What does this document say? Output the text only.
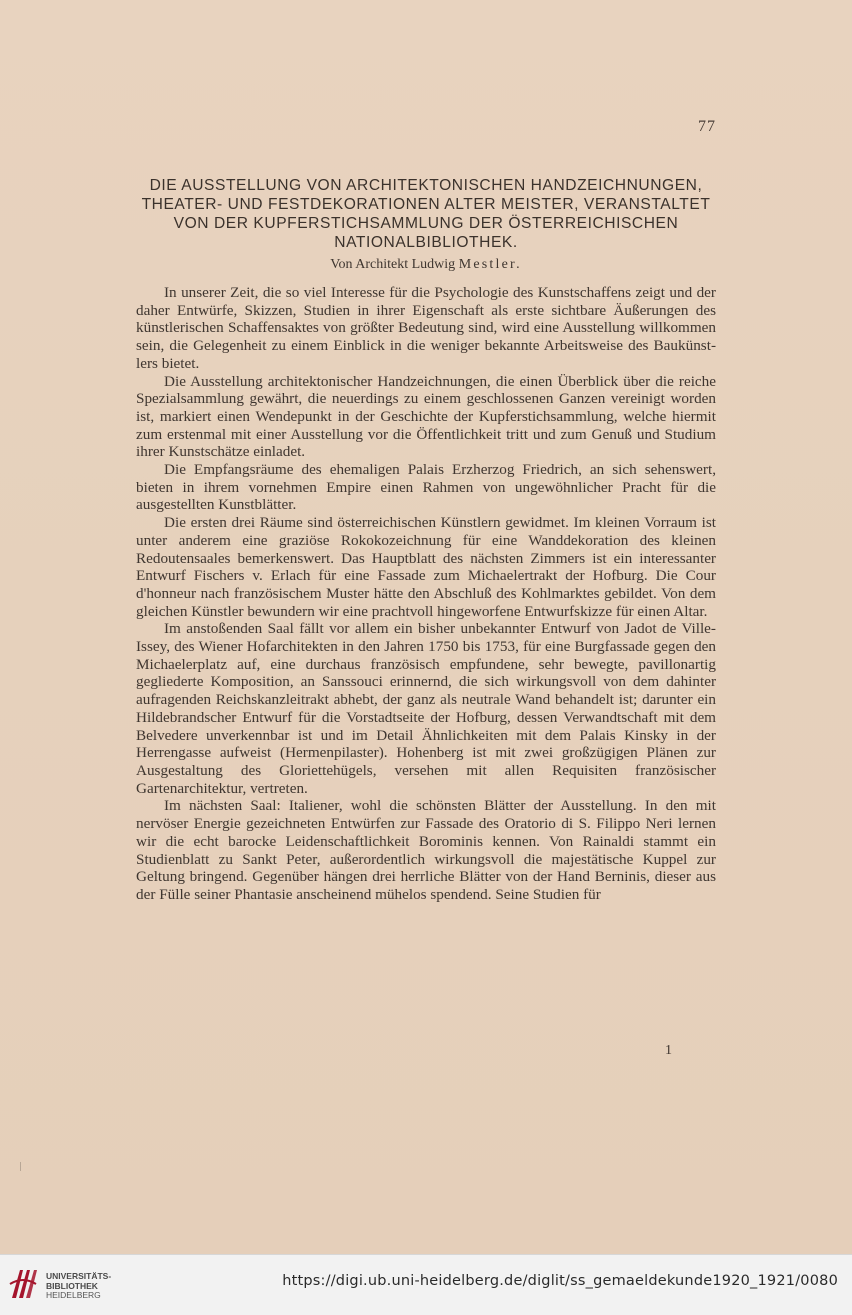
77
DIE AUSSTELLUNG VON ARCHITEKTONISCHEN HANDZEICHNUNGEN,
THEATER- UND FESTDEKORATIONEN ALTER MEISTER, VERANSTALTET
VON DER KUPFERSTICHSAMMLUNG DER ÖSTERREICHISCHEN
NATIONALBIBLIOTHEK.
Von Architekt Ludwig Mestler.

In unserer Zeit, die so viel Interesse für die Psychologie des Kunstschaffens zeigt und der daher Entwürfe, Skizzen, Studien in ihrer Eigenschaft als erste sichtbare Äußerungen des künstlerischen Schaffensaktes von größter Bedeutung sind, wird eine Ausstellung willkommen sein, die Gelegenheit zu einem Einblick in die weniger bekannte Arbeitsweise des Baukünstlers bietet.

Die Ausstellung architektonischer Handzeichnungen, die einen Überblick über die reiche Spezialsammlung gewährt, die neuerdings zu einem geschlossenen Ganzen vereinigt worden ist, markiert einen Wendepunkt in der Geschichte der Kupferstichsammlung, welche hiermit zum erstenmal mit einer Ausstellung vor die Öffentlichkeit tritt und zum Genuß und Studium ihrer Kunstschätze einladet.

Die Empfangsräume des ehemaligen Palais Erzherzog Friedrich, an sich sehenswert, bieten in ihrem vornehmen Empire einen Rahmen von ungewöhnlicher Pracht für die ausgestellten Kunstblätter.

Die ersten drei Räume sind österreichischen Künstlern gewidmet. Im kleinen Vorraum ist unter anderem eine graziöse Rokokozeichnung für eine Wanddekoration des kleinen Redoutensaales bemerkenswert. Das Hauptblatt des nächsten Zimmers ist ein interessanter Entwurf Fischers v. Erlach für eine Fassade zum Michaelertrakt der Hofburg. Die Cour d'honneur nach französischem Muster hätte den Abschluß des Kohlmarktes gebildet. Von dem gleichen Künstler bewundern wir eine prachtvoll hingeworfene Entwurfskizze für einen Altar.

Im anstoßenden Saal fällt vor allem ein bisher unbekannter Entwurf von Jadot de Ville-Issey, des Wiener Hofarchitekten in den Jahren 1750 bis 1753, für eine Burgfassade gegen den Michaelerplatz auf, eine durchaus französisch empfundene, sehr bewegte, pavillonartig gegliederte Komposition, an Sanssouci erinnernd, die sich wirkungsvoll von dem dahinter aufragenden Reichskanzleitrakt abhebt, der ganz als neutrale Wand behandelt ist; darunter ein Hildebrandscher Entwurf für die Vorstadtseite der Hofburg, dessen Verwandtschaft mit dem Belvedere unverkennbar ist und im Detail Ähnlichkeiten mit dem Palais Kinsky in der Herrengasse aufweist (Hermenpilaster). Hohenberg ist mit zwei großzügigen Plänen zur Ausgestaltung des Gloriettehügels, versehen mit allen Requisiten französischer Gartenarchitektur, vertreten.

Im nächsten Saal: Italiener, wohl die schönsten Blätter der Ausstellung. In den mit nervöser Energie gezeichneten Entwürfen zur Fassade des Oratorio di S. Filippo Neri lernen wir die echt barocke Leidenschaftlichkeit Borominis kennen. Von Rainaldi stammt ein Studienblatt zu Sankt Peter, außerordentlich wirkungsvoll die majestätische Kuppel zur Geltung bringend. Gegenüber hängen drei herrliche Blätter von der Hand Berninis, dieser aus der Fülle seiner Phantasie anscheinend mühelos spendend. Seine Studien für

1
UNIVERSITÄTS-
BIBLIOTHEK
HEIDELBERG
https://digi.ub.uni-heidelberg.de/diglit/ss_gemaeldekunde1920_1921/0080
